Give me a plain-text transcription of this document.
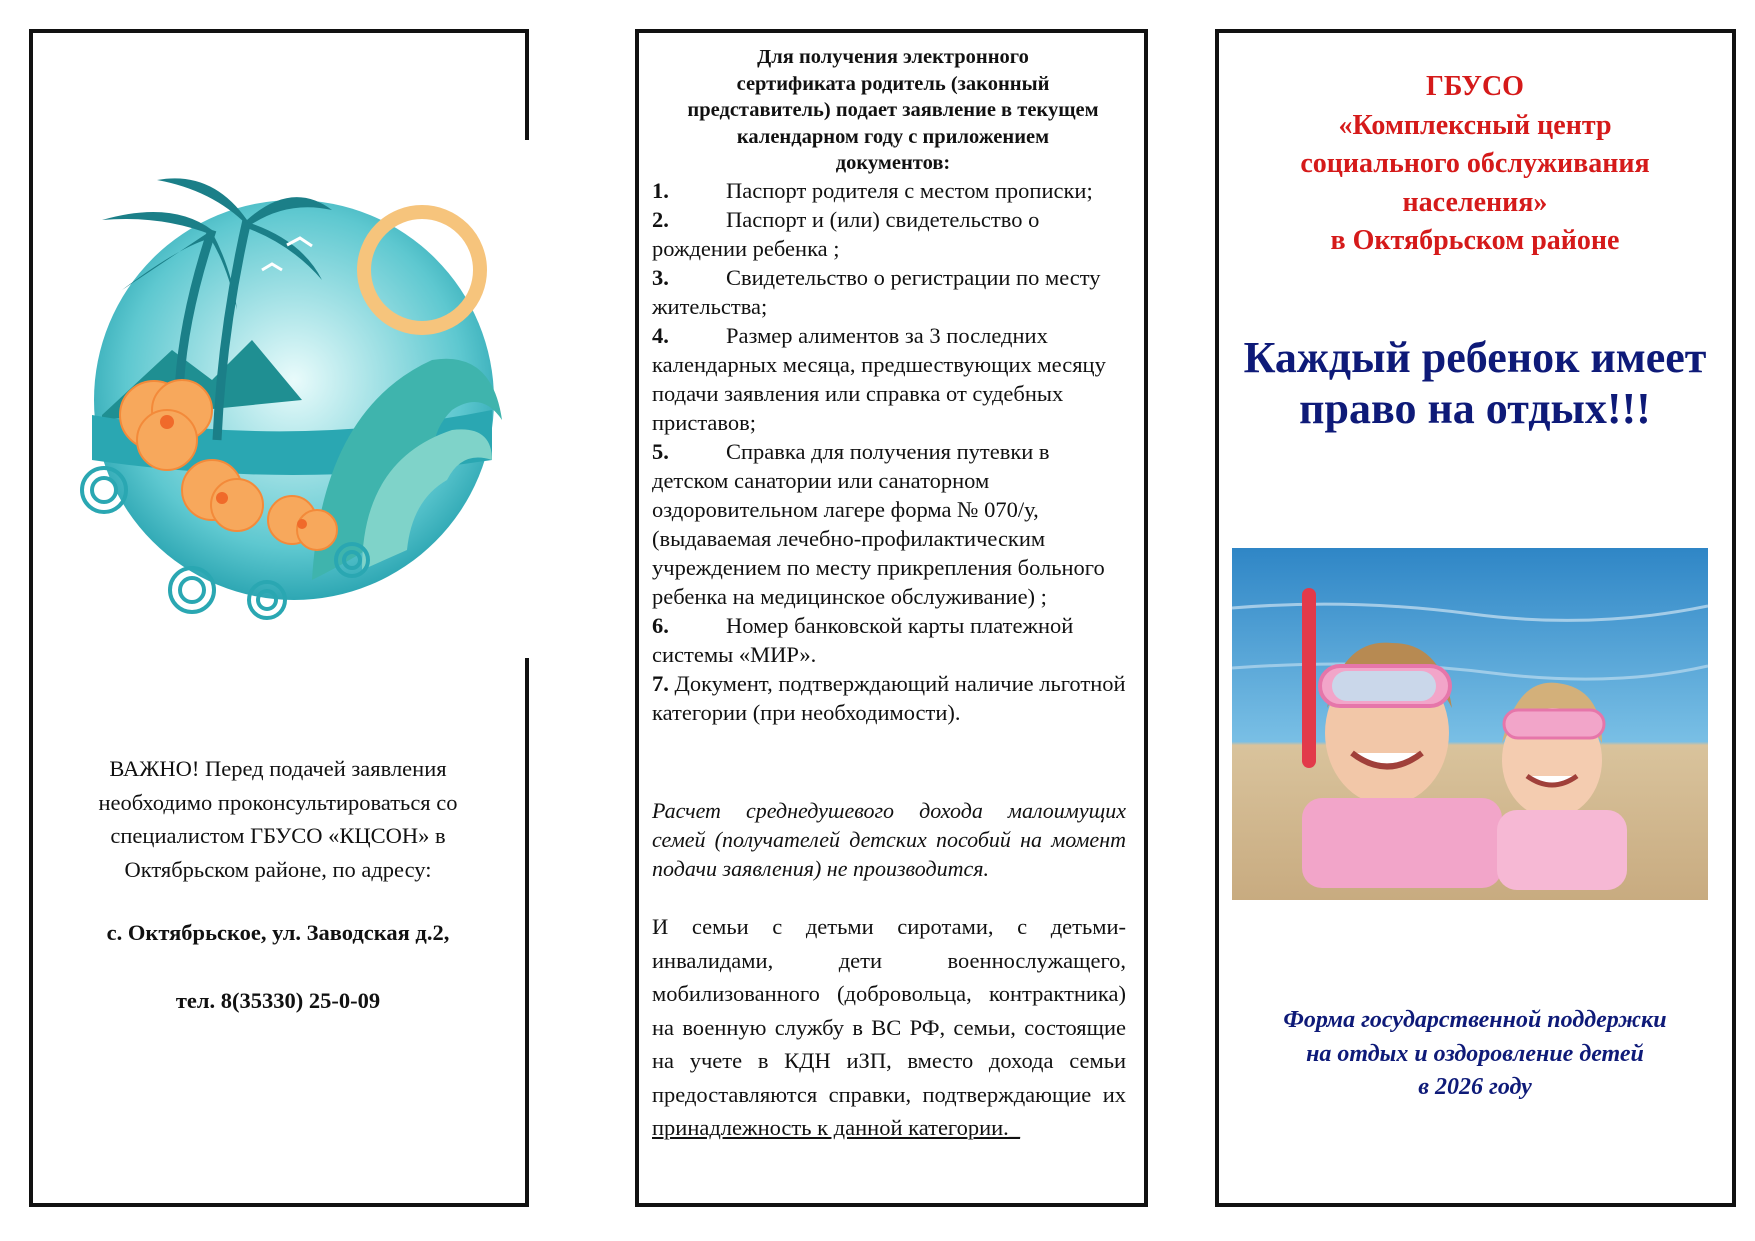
ВАЖНО! Перед подачей заявления необходимо проконсультироваться со специалистом ГБУСО «КЦСОН» в Октябрьском районе, по адресу:
с. Октябрьское, ул. Заводская д.2,
тел. 8(35330) 25-0-09
Для получения электронного
сертификата родитель (законный
представитель) подает заявление в текущем
календарном году с приложением
документов:

1.	Паспорт родителя с местом прописки;

2.	Паспорт и (или) свидетельство о рождении ребенка ;

3.	Свидетельство о регистрации по месту жительства;

4.	Размер алиментов за 3 последних календарных месяца, предшествующих месяцу подачи заявления или справка от судебных приставов;

5.	Справка для получения путевки в детском санатории или санаторном оздоровительном лагере форма № 070/у, (выдаваемая лечебно-профилактическим учреждением по месту прикрепления больного ребенка на медицинское обслуживание) ;

6.	Номер банковской карты платежной системы «МИР».

7. Документ, подтверждающий наличие льготной категории (при необходимости).

Расчет среднедушевого дохода малоимущих семей (получателей детских пособий на момент подачи заявления) не производится.
И семьи с детьми сиротами, с детьми-инвалидами, дети военнослужащего, мобилизованного (добровольца, контрактника) на военную службу в ВС РФ, семьи, состоящие на учете в КДН иЗП, вместо дохода семьи предоставляются справки, подтверждающие их принадлежность к данной категории._
ГБУСО
«Комплексный центр
социального обслуживания
населения»
в Октябрьском районе
Каждый ребенок имеет право на отдых!!!
Форма государственной поддержки
на отдых и оздоровление детей
в 2026 году
